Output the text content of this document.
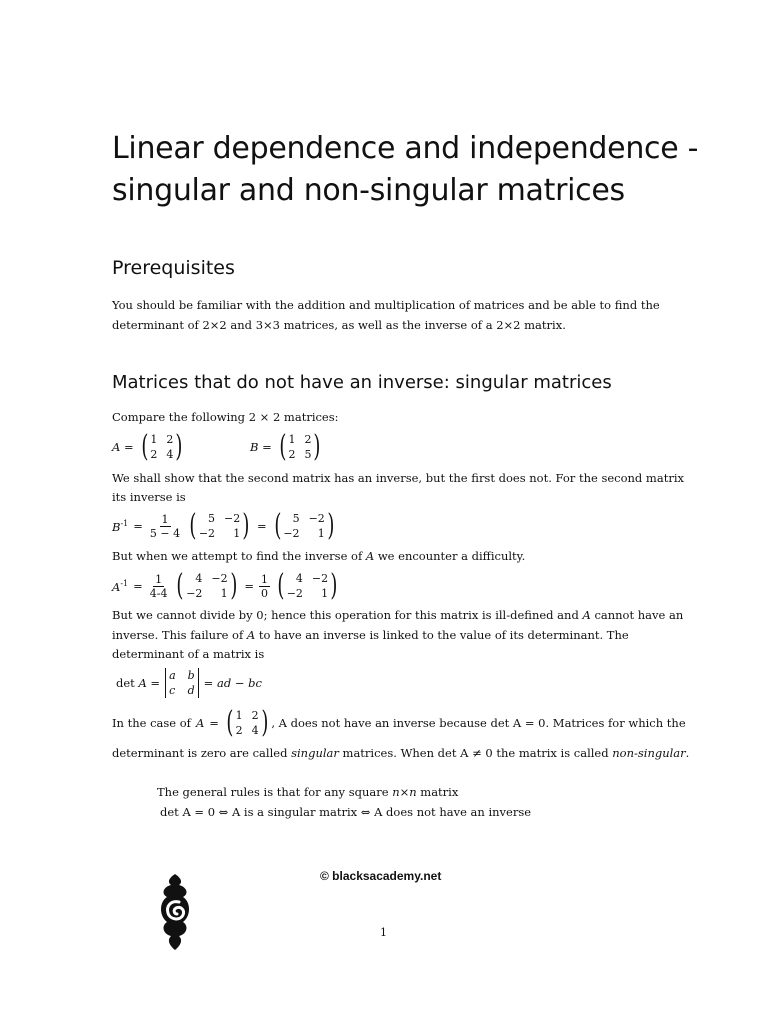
Linear dependence and independence -
singular and non-singular matrices
Prerequisites
You should be familiar with the addition and multiplication of matrices and be able to find the
determinant of 2×2 and 3×3 matrices, as well as the inverse of a 2×2 matrix.
Matrices that do not have an inverse: singular matrices
Compare the following 2 × 2 matrices:
A = ( 1 2
2 4 )	B = ( 1 2
2 5 )
We shall show that the second matrix has an inverse, but the first does not. For the second matrix
its inverse is
$B^{-1} = \frac{1}{5 - 4}$ (	5 −2
−2	1 ) = (	5 −2
−2	1 )
But when we attempt to find the inverse of A we encounter a difficulty.
$A^{-1} = \frac{1}{4-4}$ (	4 −2
−2	1 ) = $\frac{1}{0}$ (	4 −2
−2	1 )
But we cannot divide by 0; hence this operation for this matrix is ill-defined and A cannot have an
inverse. This failure of A to have an inverse is linked to the value of its determinant. The
determinant of a matrix is
det A =
a b
c d
= ad − bc
In the case of A = ( 1 2
2 4 ) , A does not have an inverse because det A = 0. Matrices for which the
determinant is zero are called singular matrices. When det A ≠ 0 the matrix is called non-singular.
The general rules is that for any square n×n matrix
det A = 0 ⇔ A is a singular matrix ⇔ A does not have an inverse
© blacksacademy.net
1
